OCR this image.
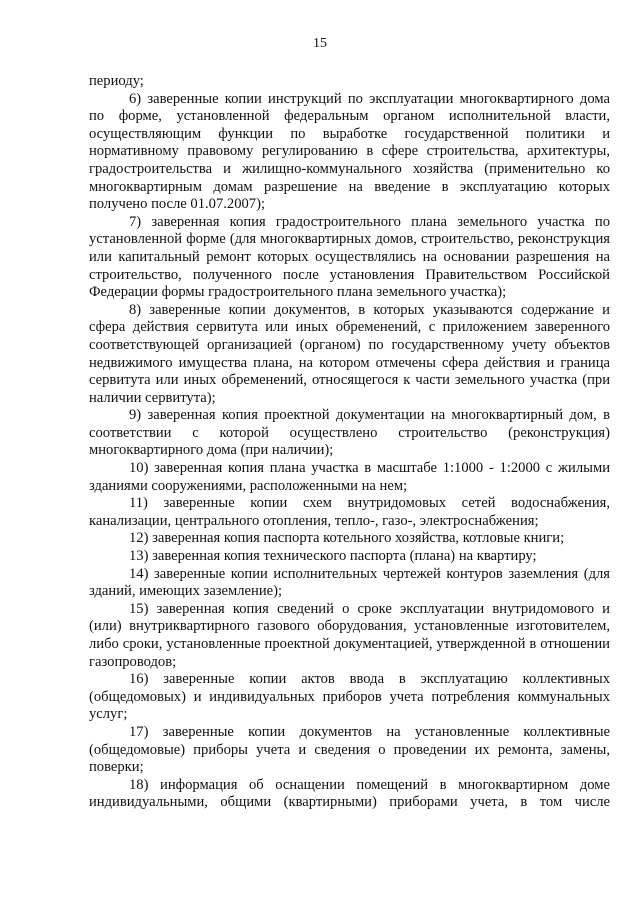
15

периоду;

6) заверенные копии инструкций по эксплуатации многоквартирного дома по форме, установленной федеральным органом исполнительной власти, осуществляющим функции по выработке государственной политики и нормативному правовому регулированию в сфере строительства, архитектуры, градостроительства и жилищно-коммунального хозяйства (применительно ко многоквартирным домам разрешение на введение в эксплуатацию которых получено после 01.07.2007);

7) заверенная копия градостроительного плана земельного участка по установленной форме (для многоквартирных домов, строительство, реконструкция или капитальный ремонт которых осуществлялись на основании разрешения на строительство, полученного после установления Правительством Российской Федерации формы градостроительного плана земельного участка);

8) заверенные копии документов, в которых указываются содержание и сфера действия сервитута или иных обременений, с приложением заверенного соответствующей организацией (органом) по государственному учету объектов недвижимого имущества плана, на котором отмечены сфера действия и граница сервитута или иных обременений, относящегося к части земельного участка (при наличии сервитута);

9) заверенная копия проектной документации на многоквартирный дом, в соответствии с которой осуществлено строительство (реконструкция) многоквартирного дома (при наличии);

10) заверенная копия плана участка в масштабе 1:1000 - 1:2000 с жилыми зданиями сооружениями, расположенными на нем;

11) заверенные копии схем внутридомовых сетей водоснабжения, канализации, центрального отопления, тепло-, газо-, электроснабжения;

12) заверенная копия паспорта котельного хозяйства, котловые книги;

13) заверенная копия технического паспорта (плана) на квартиру;

14) заверенные копии исполнительных чертежей контуров заземления (для зданий, имеющих заземление);

15) заверенная копия сведений о сроке эксплуатации внутридомового и (или) внутриквартирного газового оборудования, установленные изготовителем, либо сроки, установленные проектной документацией, утвержденной в отношении газопроводов;

16) заверенные копии актов ввода в эксплуатацию коллективных (общедомовых) и индивидуальных приборов учета потребления коммунальных услуг;

17) заверенные копии документов на установленные коллективные (общедомовые) приборы учета и сведения о проведении их ремонта, замены, поверки;

18) информация об оснащении помещений в многоквартирном доме индивидуальными, общими (квартирными) приборами учета, в том числе
